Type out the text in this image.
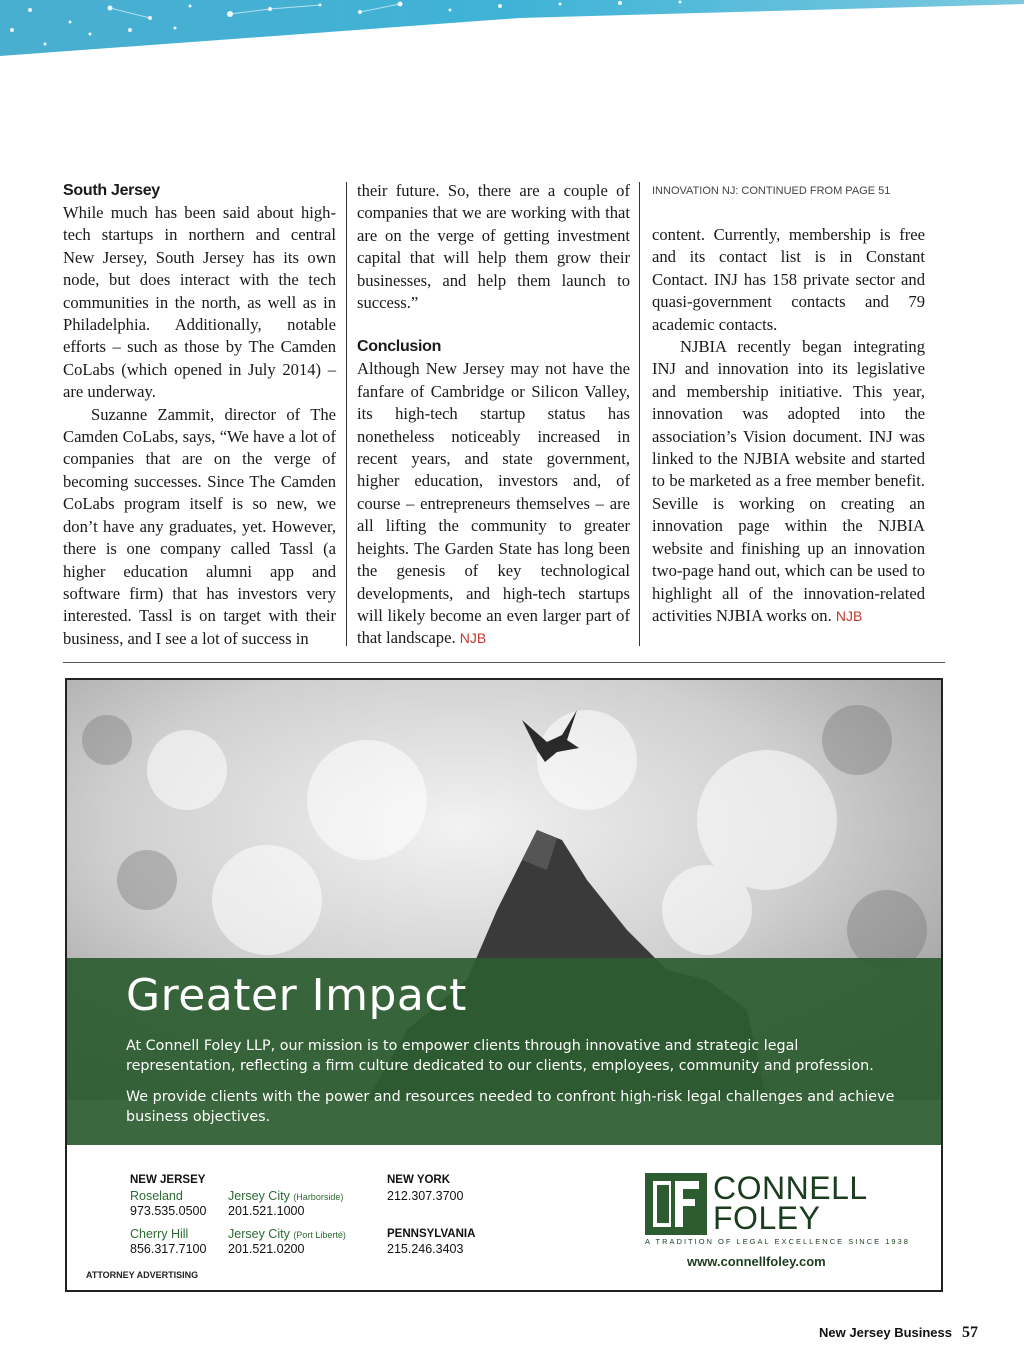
South Jersey

While much has been said about high-tech startups in northern and central New Jersey, South Jersey has its own node, but does interact with the tech communities in the north, as well as in Philadelphia. Additionally, notable efforts – such as those by The Camden CoLabs (which opened in July 2014) – are underway.

Suzanne Zammit, director of The Camden CoLabs, says, “We have a lot of companies that are on the verge of becoming successes. Since The Camden CoLabs program itself is so new, we don’t have any graduates, yet. However, there is one company called Tassl (a higher education alumni app and software firm) that has investors very interested. Tassl is on target with their business, and I see a lot of success in

their future. So, there are a couple of companies that we are working with that are on the verge of getting investment capital that will help them grow their businesses, and help them launch to success.”

Conclusion

Although New Jersey may not have the fanfare of Cambridge or Silicon Valley, its high-tech startup status has nonetheless noticeably increased in recent years, and state government, higher education, investors and, of course – entrepreneurs themselves – are all lifting the community to greater heights. The Garden State has long been the genesis of key technological developments, and high-tech startups will likely become an even larger part of that landscape. NJB

INNOVATION NJ: CONTINUED FROM PAGE 51

content. Currently, membership is free and its contact list is in Constant Contact. INJ has 158 private sector and quasi-government contacts and 79 academic contacts.

NJBIA recently began integrating INJ and innovation into its legislative and membership initiative. This year, innovation was adopted into the association’s Vision document. INJ was linked to the NJBIA website and started to be marketed as a free member benefit. Seville is working on creating an innovation page within the NJBIA website and finishing up an innovation two-page hand out, which can be used to highlight all of the innovation-related activities NJBIA works on. NJB

Greater Impact
At Connell Foley LLP, our mission is to empower clients through innovative and strategic legal representation, reflecting a firm culture dedicated to our clients, employees, community and profession.
We provide clients with the power and resources needed to confront high-risk legal challenges and achieve business objectives.
NEW JERSEY
Roseland
973.535.0500
Jersey City (Harborside)
201.521.1000
Cherry Hill
856.317.7100
Jersey City (Port Liberté)
201.521.0200
NEW YORK
212.307.3700
PENNSYLVANIA
215.246.3403
ATTORNEY ADVERTISING
CONNELL
FOLEY
A TRADITION OF LEGAL EXCELLENCE SINCE 1938
www.connellfoley.com
New Jersey Business 57
